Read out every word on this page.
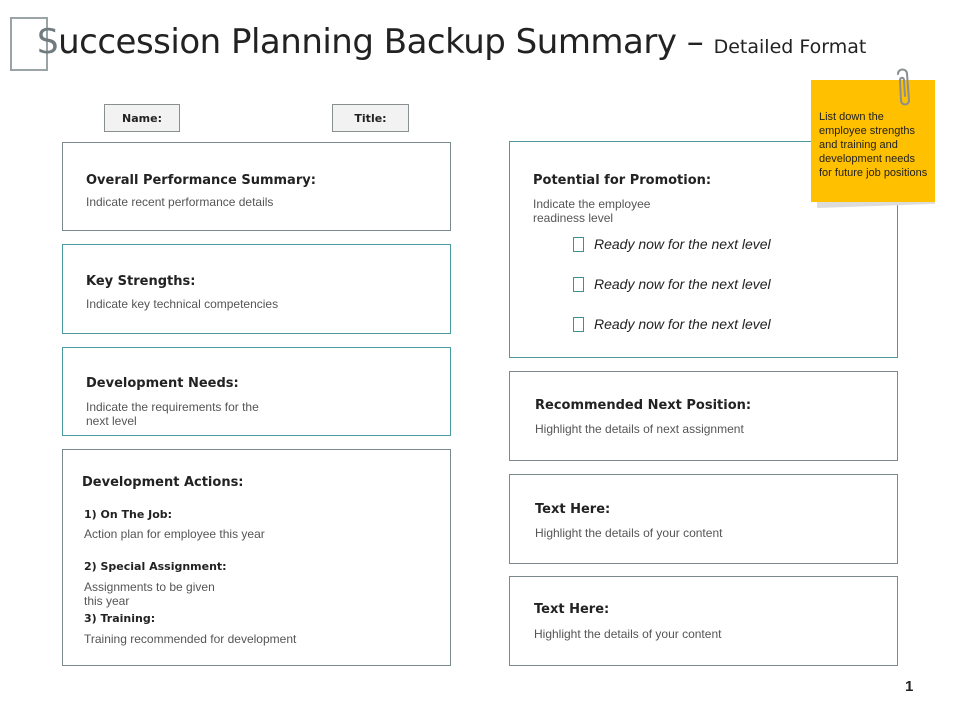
Succession Planning Backup Summary – Detailed Format
Name:	Title:
Overall Performance Summary:
Indicate recent performance details
Key Strengths:
Indicate key technical competencies
Development Needs:
Indicate the requirements for the next level
Development Actions:
1) On The Job:
Action plan for employee this year
2) Special Assignment:
Assignments to be given this year
3) Training:
Training recommended for development
Potential for Promotion:
Indicate the employee readiness level
Ready now for the next level
Ready now for the next level
Ready now for the next level
Recommended Next Position:
Highlight the details of next assignment
Text Here:
Highlight the details of your content
Text Here:
Highlight the details of your content
List down the employee strengths and training and development needs for future job positions
1
